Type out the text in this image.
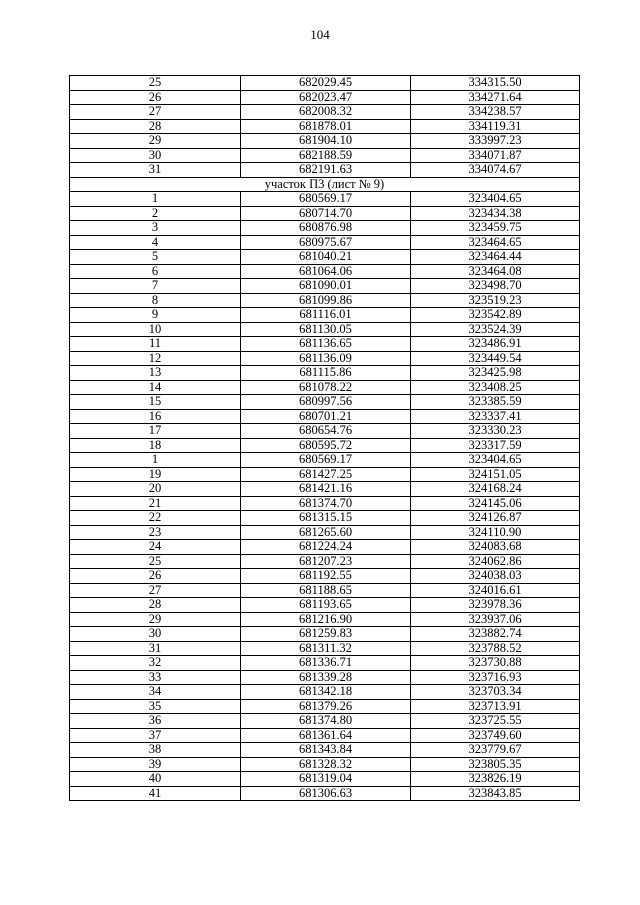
104
25	682029.45	334315.50
26	682023.47	334271.64
27	682008.32	334238.57
28	681878.01	334119.31
29	681904.10	333997.23
30	682188.59	334071.87
31	682191.63	334074.67
участок П3 (лист № 9)		
1	680569.17	323404.65
2	680714.70	323434.38
3	680876.98	323459.75
4	680975.67	323464.65
5	681040.21	323464.44
6	681064.06	323464.08
7	681090.01	323498.70
8	681099.86	323519.23
9	681116.01	323542.89
10	681130.05	323524.39
11	681136.65	323486.91
12	681136.09	323449.54
13	681115.86	323425.98
14	681078.22	323408.25
15	680997.56	323385.59
16	680701.21	323337.41
17	680654.76	323330.23
18	680595.72	323317.59
1	680569.17	323404.65
19	681427.25	324151.05
20	681421.16	324168.24
21	681374.70	324145.06
22	681315.15	324126.87
23	681265.60	324110.90
24	681224.24	324083.68
25	681207.23	324062.86
26	681192.55	324038.03
27	681188.65	324016.61
28	681193.65	323978.36
29	681216.90	323937.06
30	681259.83	323882.74
31	681311.32	323788.52
32	681336.71	323730.88
33	681339.28	323716.93
34	681342.18	323703.34
35	681379.26	323713.91
36	681374.80	323725.55
37	681361.64	323749.60
38	681343.84	323779.67
39	681328.32	323805.35
40	681319.04	323826.19
41	681306.63	323843.85
